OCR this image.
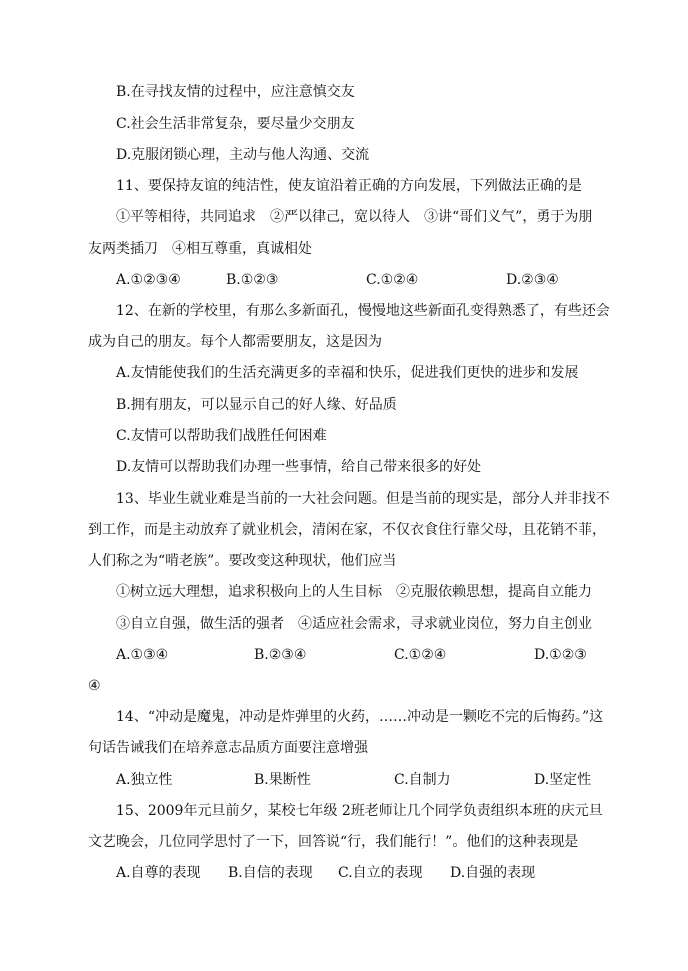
B.在寻找友情的过程中，应注意慎交友
C.社会生活非常复杂，要尽量少交朋友
D.克服闭锁心理，主动与他人沟通、交流
11、要保持友谊的纯洁性，使友谊沿着正确的方向发展，下列做法正确的是
①平等相待，共同追求　②严以律己，宽以待人　③讲“哥们义气”，勇于为朋
友两类插刀　④相互尊重，真诚相处
A.①②③④	B.①②③	C.①②④	D.②③④
12、在新的学校里，有那么多新面孔，慢慢地这些新面孔变得熟悉了，有些还会
成为自己的朋友。每个人都需要朋友，这是因为
A.友情能使我们的生活充满更多的幸福和快乐，促进我们更快的进步和发展
B.拥有朋友，可以显示自己的好人缘、好品质
C.友情可以帮助我们战胜任何困难
D.友情可以帮助我们办理一些事情，给自己带来很多的好处
13、毕业生就业难是当前的一大社会问题。但是当前的现实是，部分人并非找不
到工作，而是主动放弃了就业机会，清闲在家，不仅衣食住行靠父母，且花销不菲，
人们称之为“啃老族”。要改变这种现状，他们应当
①树立远大理想，追求积极向上的人生目标　②克服依赖思想，提高自立能力
③自立自强，做生活的强者　④适应社会需求，寻求就业岗位，努力自主创业
A.①③④	B.②③④	C.①②④	D.①②③
④
14、“冲动是魔鬼，冲动是炸弹里的火药，……冲动是一颗吃不完的后悔药。”这
句话告诫我们在培养意志品质方面要注意增强
A.独立性	B.果断性	C.自制力	D.坚定性
15、2009年元旦前夕，某校七年级 2班老师让几个同学负责组织本班的庆元旦
文艺晚会，几位同学思忖了一下，回答说“行，我们能行！”。他们的这种表现是
A.自尊的表现 B.自信的表现 C.自立的表现 D.自强的表现
